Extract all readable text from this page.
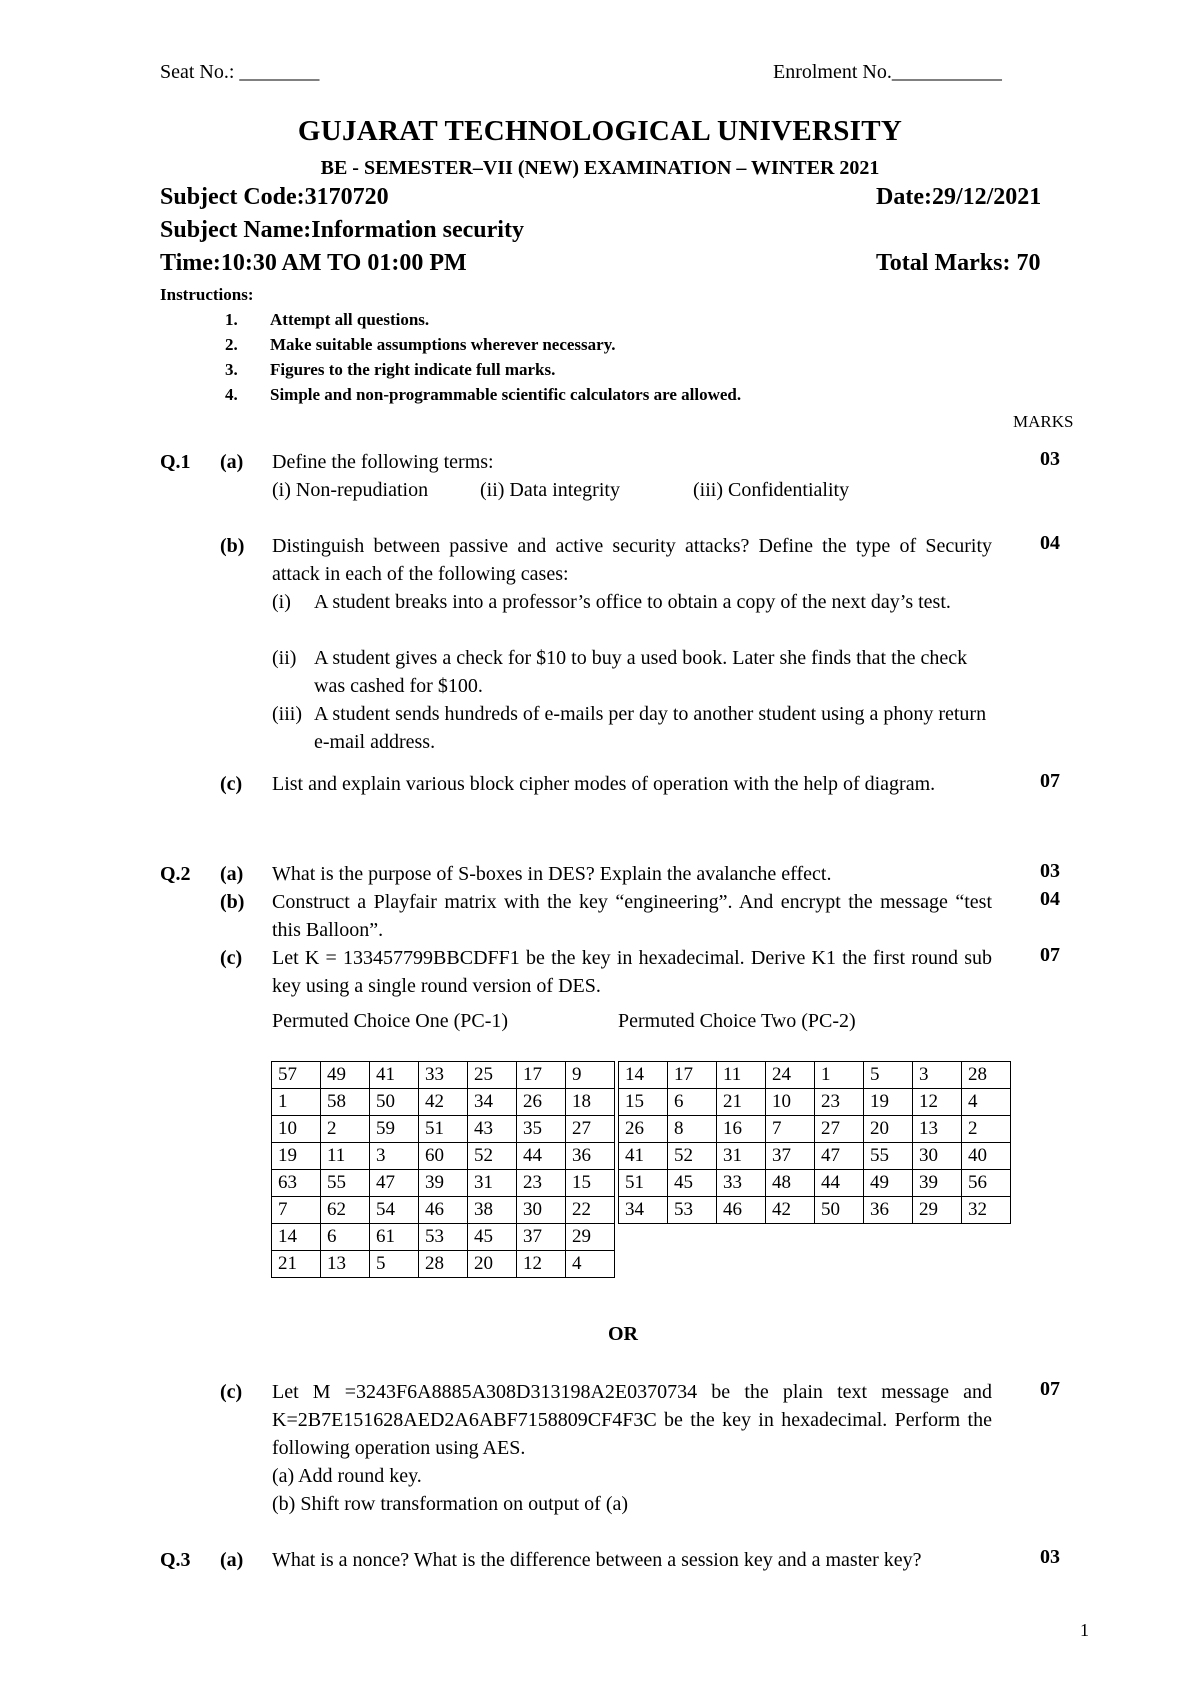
Seat No.: ________	Enrolment No.___________
GUJARAT TECHNOLOGICAL UNIVERSITY
BE - SEMESTER–VII (NEW) EXAMINATION – WINTER 2021
Subject Code:3170720	Date:29/12/2021
Subject Name:Information security
Time:10:30 AM TO 01:00 PM	Total Marks: 70
Instructions:
1. Attempt all questions.
2. Make suitable assumptions wherever necessary.
3. Figures to the right indicate full marks.
4. Simple and non-programmable scientific calculators are allowed.
MARKS
Q.1 (a) Define the following terms:
(i) Non-repudiation	(ii) Data integrity	(iii) Confidentiality
03
(b) Distinguish between passive and active security attacks? Define the type of Security attack in each of the following cases:
04
(i) A student breaks into a professor’s office to obtain a copy of the next day’s test.
(ii) A student gives a check for $10 to buy a used book. Later she finds that the check was cashed for $100.
(iii) A student sends hundreds of e-mails per day to another student using a phony return e-mail address.
(c) List and explain various block cipher modes of operation with the help of diagram.	07
Q.2 (a) What is the purpose of S-boxes in DES? Explain the avalanche effect.	03
(b) Construct a Playfair matrix with the key “engineering”. And encrypt the message “test this Balloon”.
04
(c) Let K = 133457799BBCDFF1 be the key in hexadecimal. Derive K1 the first round sub key using a single round version of DES.
07
Permuted Choice One (PC-1)	Permuted Choice Two (PC-2)
57	49	41	33	25	17	9
1	58	50	42	34	26	18
10	2	59	51	43	35	27
19	11	3	60	52	44	36
63	55	47	39	31	23	15
7	62	54	46	38	30	22
14	6	61	53	45	37	29
21	13	5	28	20	12	4
14	17	11	24	1	5	3	28
15	6	21	10	23	19	12	4
26	8	16	7	27	20	13	2
41	52	31	37	47	55	30	40
51	45	33	48	44	49	39	56
34	53	46	42	50	36	29	32
OR
(c) Let M =3243F6A8885A308D313198A2E0370734 be the plain text message and K=2B7E151628AED2A6ABF7158809CF4F3C be the key in hexadecimal. Perform the following operation using AES.
(a) Add round key.
(b) Shift row transformation on output of (a)
07
Q.3 (a) What is a nonce? What is the difference between a session key and a master key?	03
1
